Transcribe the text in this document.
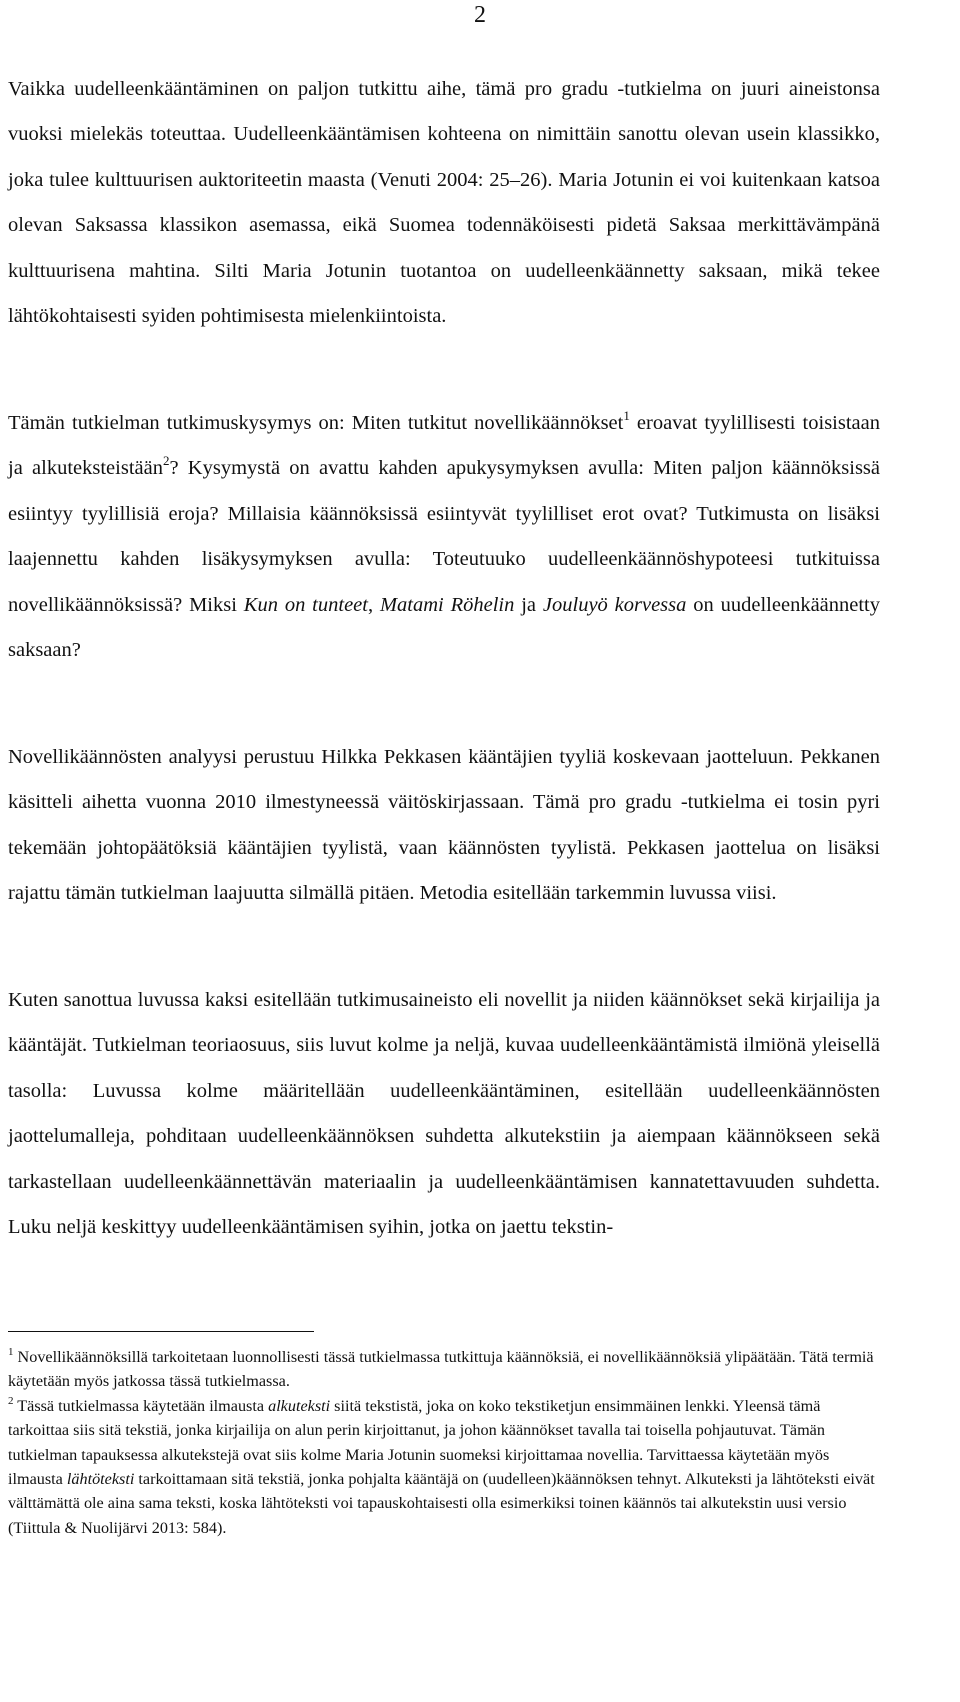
2

Vaikka uudelleenkääntäminen on paljon tutkittu aihe, tämä pro gradu -tutkielma on juuri aineistonsa vuoksi mielekäs toteuttaa. Uudelleenkääntämisen kohteena on nimittäin sanottu olevan usein klassikko, joka tulee kulttuurisen auktoriteetin maasta (Venuti 2004: 25–26). Maria Jotunin ei voi kuitenkaan katsoa olevan Saksassa klassikon asemassa, eikä Suomea todennäköisesti pidetä Saksaa merkittävämpänä kulttuurisena mahtina. Silti Maria Jotunin tuotantoa on uudelleenkäännetty saksaan, mikä tekee lähtökohtaisesti syiden pohtimisesta mielenkiintoista.

Tämän tutkielman tutkimuskysymys on: Miten tutkitut novellikäännökset$^1$ eroavat tyylillisesti toisistaan ja alkuteksteistään$^2$? Kysymystä on avattu kahden apukysymyksen avulla: Miten paljon käännöksissä esiintyy tyylillisiä eroja? Millaisia käännöksissä esiintyvät tyylilliset erot ovat? Tutkimusta on lisäksi laajennettu kahden lisäkysymyksen avulla: Toteutuuko uudelleenkäännöshypoteesi tutkituissa novellikäännöksissä? Miksi Kun on tunteet, Matami Röhelin ja Jouluyö korvessa on uudelleenkäännetty saksaan?

Novellikäännösten analyysi perustuu Hilkka Pekkasen kääntäjien tyyliä koskevaan jaotteluun. Pekkanen käsitteli aihetta vuonna 2010 ilmestyneessä väitöskirjassaan. Tämä pro gradu -tutkielma ei tosin pyri tekemään johtopäätöksiä kääntäjien tyylistä, vaan käännösten tyylistä. Pekkasen jaottelua on lisäksi rajattu tämän tutkielman laajuutta silmällä pitäen. Metodia esitellään tarkemmin luvussa viisi.

Kuten sanottua luvussa kaksi esitellään tutkimusaineisto eli novellit ja niiden käännökset sekä kirjailija ja kääntäjät. Tutkielman teoriaosuus, siis luvut kolme ja neljä, kuvaa uudelleenkääntämistä ilmiönä yleisellä tasolla: Luvussa kolme määritellään uudelleenkääntäminen, esitellään uudelleenkäännösten jaottelumalleja, pohditaan uudelleenkäännöksen suhdetta alkutekstiin ja aiempaan käännökseen sekä tarkastellaan uudelleenkäännettävän materiaalin ja uudelleenkääntämisen kannatettavuuden suhdetta. Luku neljä keskittyy uudelleenkääntämisen syihin, jotka on jaettu tekstin-

$^1$ Novellikäännöksillä tarkoitetaan luonnollisesti tässä tutkielmassa tutkittuja käännöksiä, ei novellikäännöksiä ylipäätään. Tätä termiä käytetään myös jatkossa tässä tutkielmassa.

$^2$ Tässä tutkielmassa käytetään ilmausta alkuteksti siitä tekstistä, joka on koko tekstiketjun ensimmäinen lenkki. Yleensä tämä tarkoittaa siis sitä tekstiä, jonka kirjailija on alun perin kirjoittanut, ja johon käännökset tavalla tai toisella pohjautuvat. Tämän tutkielman tapauksessa alkutekstejä ovat siis kolme Maria Jotunin suomeksi kirjoittamaa novellia. Tarvittaessa käytetään myös ilmausta lähtöteksti tarkoittamaan sitä tekstiä, jonka pohjalta kääntäjä on (uudelleen)käännöksen tehnyt. Alkuteksti ja lähtöteksti eivät välttämättä ole aina sama teksti, koska lähtöteksti voi tapauskohtaisesti olla esimerkiksi toinen käännös tai alkutekstin uusi versio (Tiittula & Nuolijärvi 2013: 584).
